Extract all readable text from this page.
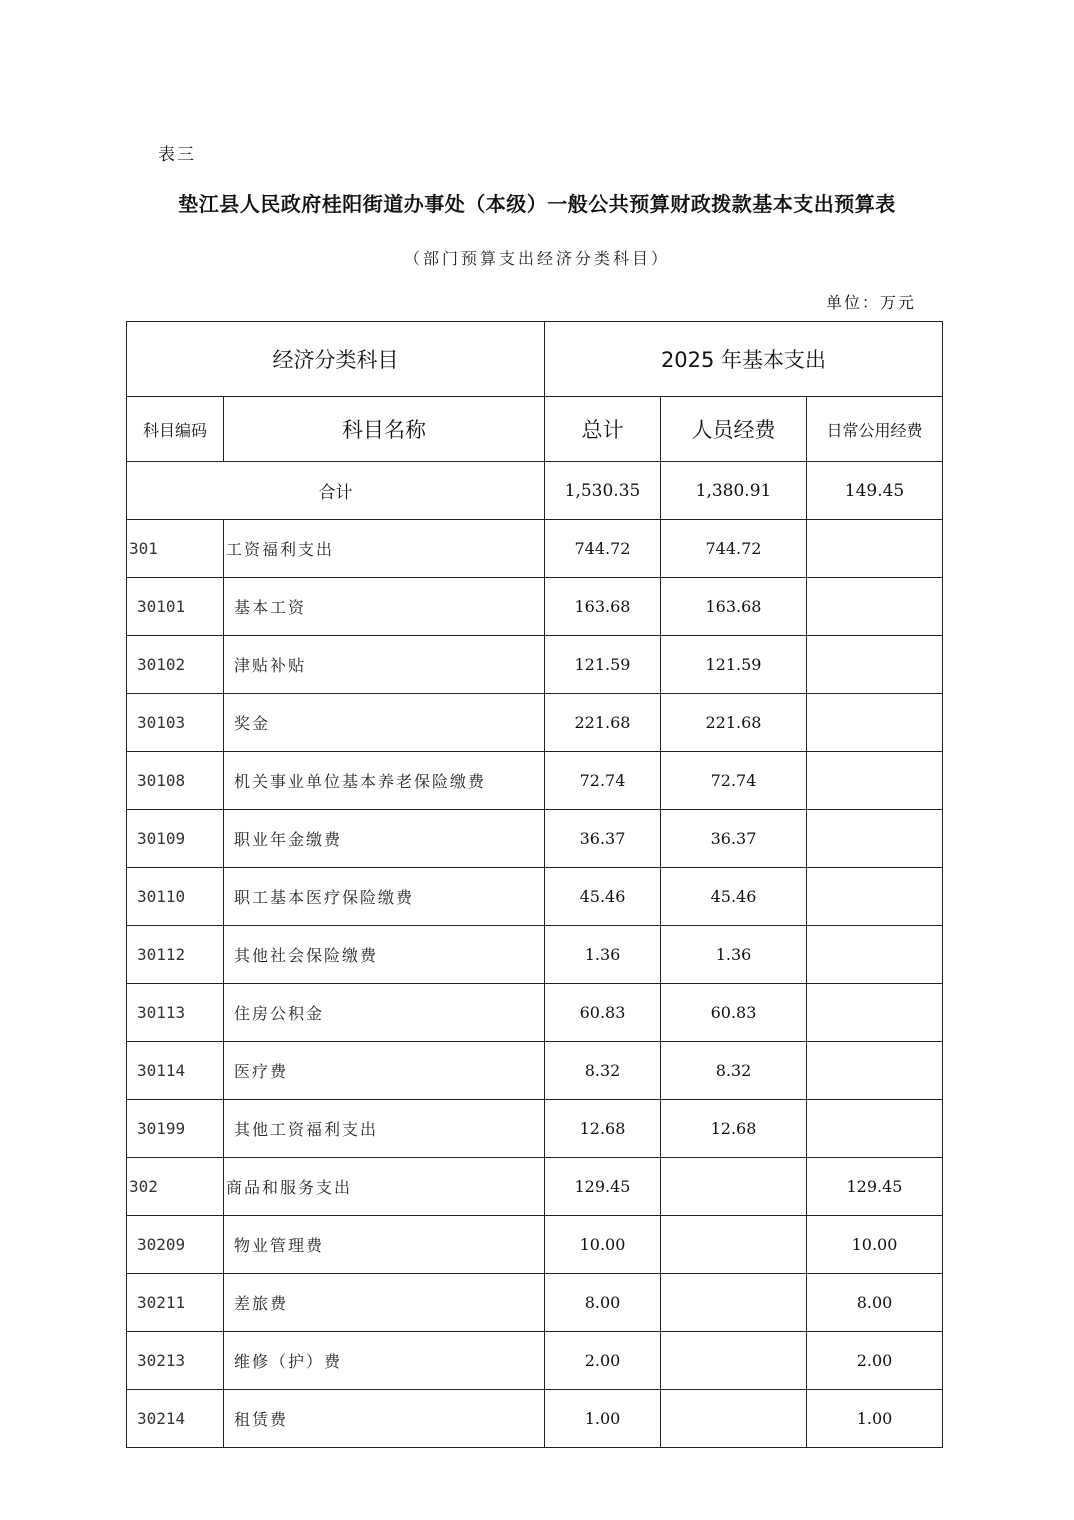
表三
垫江县人民政府桂阳街道办事处（本级）一般公共预算财政拨款基本支出预算表
（部门预算支出经济分类科目）
单位：万元
经济分类科目		2025 年基本支出		
科目编码	科目名称	总计	人员经费	日常公用经费
合计		1,530.35	1,380.91	149.45
301	工资福利支出	744.72	744.72	
30101	基本工资	163.68	163.68	
30102	津贴补贴	121.59	121.59	
30103	奖金	221.68	221.68	
30108	机关事业单位基本养老保险缴费	72.74	72.74	
30109	职业年金缴费	36.37	36.37	
30110	职工基本医疗保险缴费	45.46	45.46	
30112	其他社会保险缴费	1.36	1.36	
30113	住房公积金	60.83	60.83	
30114	医疗费	8.32	8.32	
30199	其他工资福利支出	12.68	12.68	
302	商品和服务支出	129.45		129.45
30209	物业管理费	10.00		10.00
30211	差旅费	8.00		8.00
30213	维修（护）费	2.00		2.00
30214	租赁费	1.00		1.00
